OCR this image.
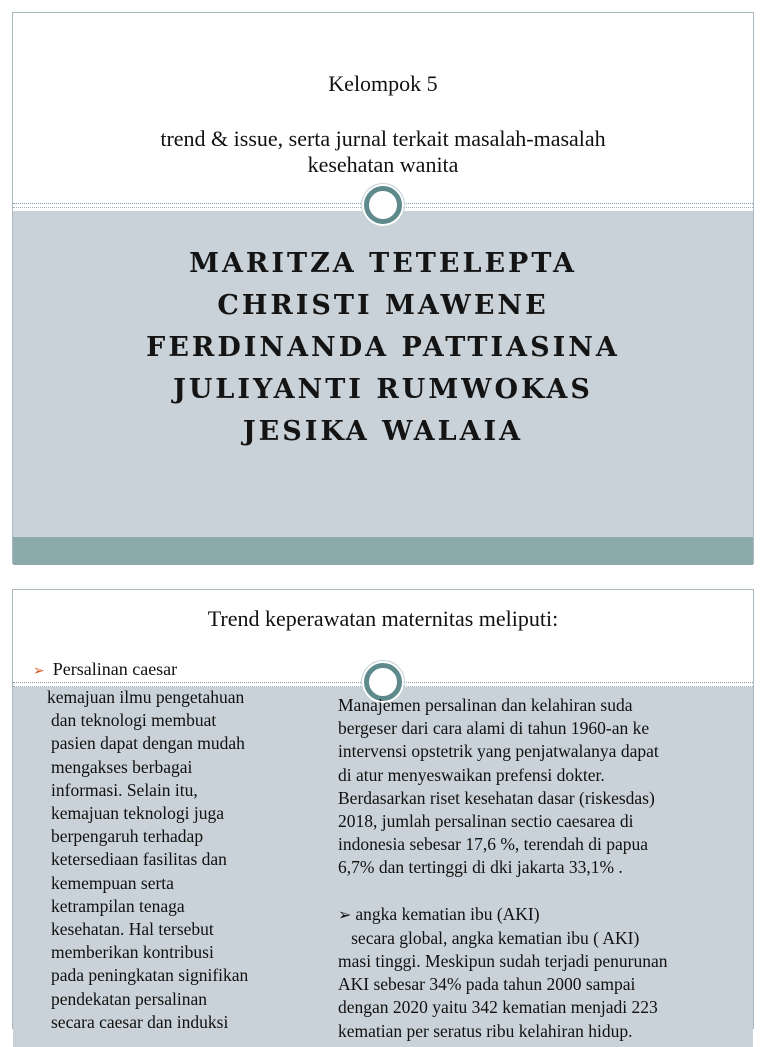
Kelompok 5
trend & issue, serta jurnal terkait masalah-masalah
kesehatan wanita
MARITZA TETELEPTA
CHRISTI MAWENE
FERDINANDA PATTIASINA
JULIYANTI RUMWOKAS
JESIKA WALAIA
Trend keperawatan maternitas meliputi:
➢ Persalinan caesar
kemajuan ilmu pengetahuan
dan teknologi membuat
pasien dapat dengan mudah
mengakses berbagai
informasi. Selain itu,
kemajuan teknologi juga
berpengaruh terhadap
ketersediaan fasilitas dan
kemempuan serta
ketrampilan tenaga
kesehatan. Hal tersebut
memberikan kontribusi
pada peningkatan signifikan
pendekatan persalinan
secara caesar dan induksi
Manajemen persalinan dan kelahiran suda
bergeser dari cara alami di tahun 1960-an ke
intervensi opstetrik yang penjatwalanya dapat
di atur menyeswaikan prefensi dokter.
Berdasarkan riset kesehatan dasar (riskesdas)
2018, jumlah persalinan sectio caesarea di
indonesia sebesar 17,6 %, terendah di papua
6,7% dan tertinggi di dki jakarta 33,1% .
➢ angka kematian ibu (AKI)
secara global, angka kematian ibu ( AKI)
masi tinggi. Meskipun sudah terjadi penurunan
AKI sebesar 34% pada tahun 2000 sampai
dengan 2020 yaitu 342 kematian menjadi 223
kematian per seratus ribu kelahiran hidup.
